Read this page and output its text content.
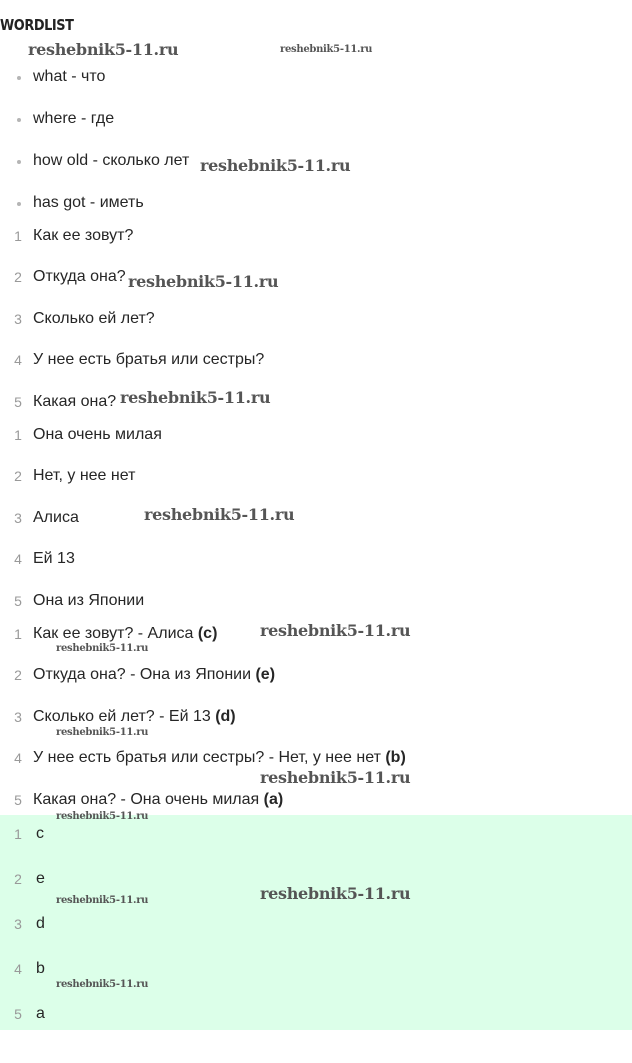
WORDLIST
what - что
where - где
how old - сколько лет
has got - иметь
1 Как ее зовут?
2 Откуда она?
3 Сколько ей лет?
4 У нее есть братья или сестры?
5 Какая она?
1 Она очень милая
2 Нет, у нее нет
3 Алиса
4 Ей 13
5 Она из Японии
1 Как ее зовут? - Алиса (c)
2 Откуда она? - Она из Японии (e)
3 Сколько ей лет? - Ей 13 (d)
4 У нее есть братья или сестры? - Нет, у нее нет (b)
5 Какая она? - Она очень милая (a)
1 c
2 e
3 d
4 b
5 a
reshebnik5-11.ru	reshebnik5-11.ru
reshebnik5-11.ru
reshebnik5-11.ru
reshebnik5-11.ru
reshebnik5-11.ru
reshebnik5-11.ru
reshebnik5-11.ru
reshebnik5-11.ru
reshebnik5-11.ru
reshebnik5-11.ru
reshebnik5-11.ru
reshebnik5-11.ru
reshebnik5-11.ru
